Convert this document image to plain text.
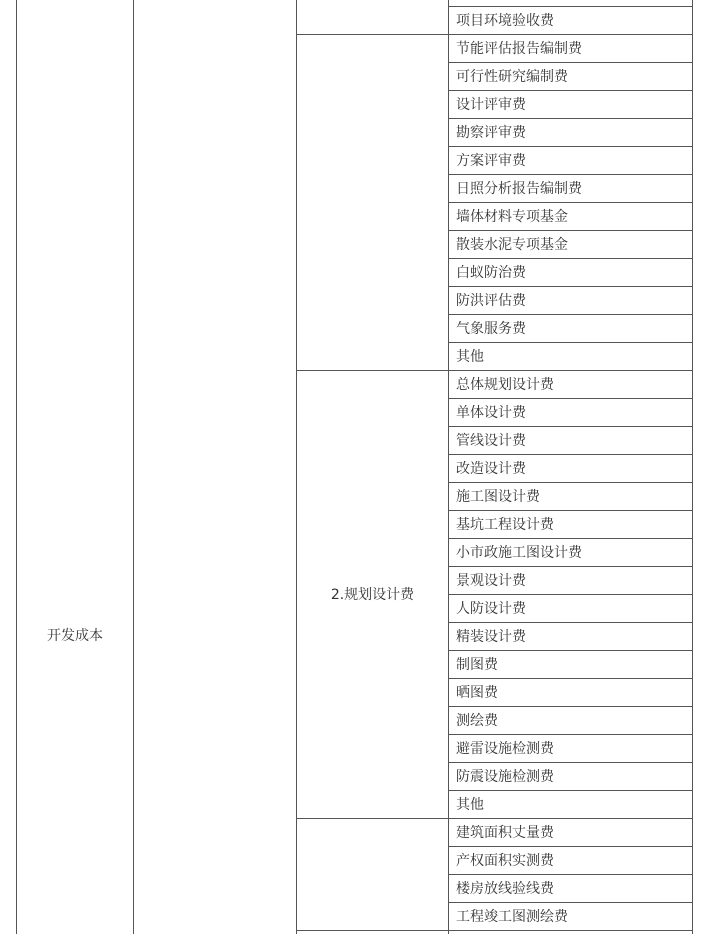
开发成本
2.规划设计费
项目环境验收费
节能评估报告编制费
可行性研究编制费
设计评审费
勘察评审费
方案评审费
日照分析报告编制费
墙体材料专项基金
散装水泥专项基金
白蚁防治费
防洪评估费
气象服务费
其他
总体规划设计费
单体设计费
管线设计费
改造设计费
施工图设计费
基坑工程设计费
小市政施工图设计费
景观设计费
人防设计费
精装设计费
制图费
晒图费
测绘费
避雷设施检测费
防震设施检测费
其他
建筑面积丈量费
产权面积实测费
楼房放线验线费
工程竣工图测绘费
